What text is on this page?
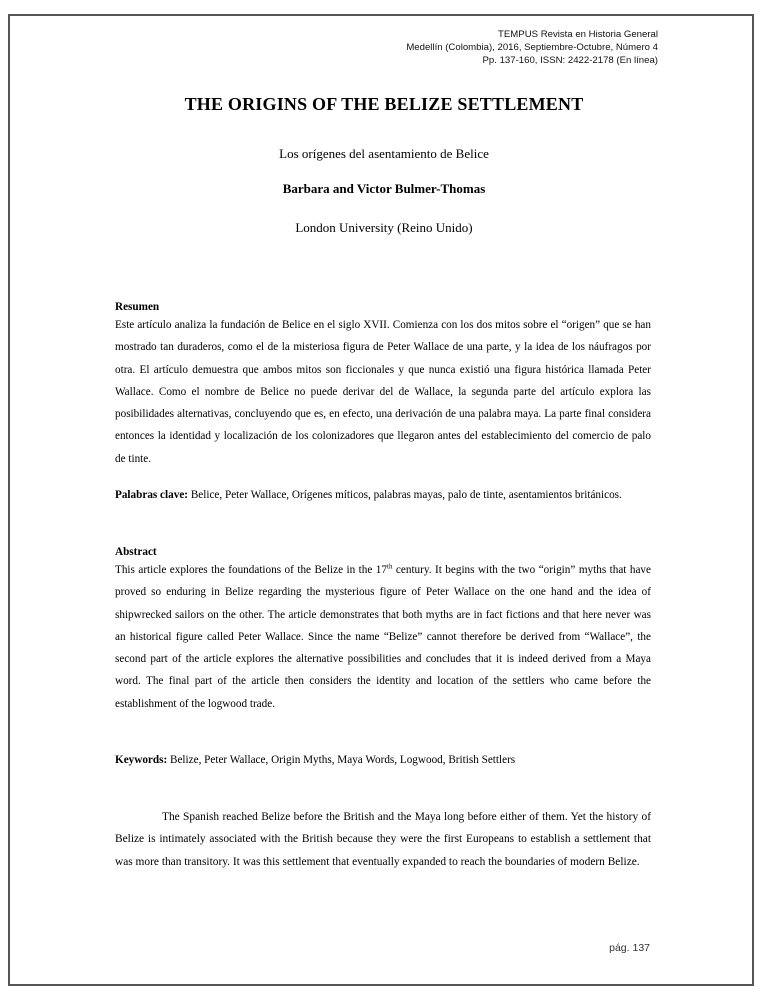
TEMPUS Revista en Historia General
Medellín (Colombia), 2016, Septiembre-Octubre, Número 4
Pp. 137-160, ISSN: 2422-2178 (En línea)
THE ORIGINS OF THE BELIZE SETTLEMENT
Los orígenes del asentamiento de Belice
Barbara and Victor Bulmer-Thomas
London University (Reino Unido)
Resumen

Este artículo analiza la fundación de Belice en el siglo XVII. Comienza con los dos mitos sobre el “origen” que se han mostrado tan duraderos, como el de la misteriosa figura de Peter Wallace de una parte, y la idea de los náufragos por otra. El artículo demuestra que ambos mitos son ficcionales y que nunca existió una figura histórica llamada Peter Wallace. Como el nombre de Belice no puede derivar del de Wallace, la segunda parte del artículo explora las posibilidades alternativas, concluyendo que es, en efecto, una derivación de una palabra maya. La parte final considera entonces la identidad y localización de los colonizadores que llegaron antes del establecimiento del comercio de palo de tinte.

Palabras clave: Belice, Peter Wallace, Orígenes míticos, palabras mayas, palo de tinte, asentamientos británicos.

Abstract

This article explores the foundations of the Belize in the 17th century. It begins with the two “origin” myths that have proved so enduring in Belize regarding the mysterious figure of Peter Wallace on the one hand and the idea of shipwrecked sailors on the other. The article demonstrates that both myths are in fact fictions and that here never was an historical figure called Peter Wallace. Since the name “Belize” cannot therefore be derived from “Wallace”, the second part of the article explores the alternative possibilities and concludes that it is indeed derived from a Maya word. The final part of the article then considers the identity and location of the settlers who came before the establishment of the logwood trade.

Keywords: Belize, Peter Wallace, Origin Myths, Maya Words, Logwood, British Settlers

The Spanish reached Belize before the British and the Maya long before either of them. Yet the history of Belize is intimately associated with the British because they were the first Europeans to establish a settlement that was more than transitory. It was this settlement that eventually expanded to reach the boundaries of modern Belize.

pág. 137
